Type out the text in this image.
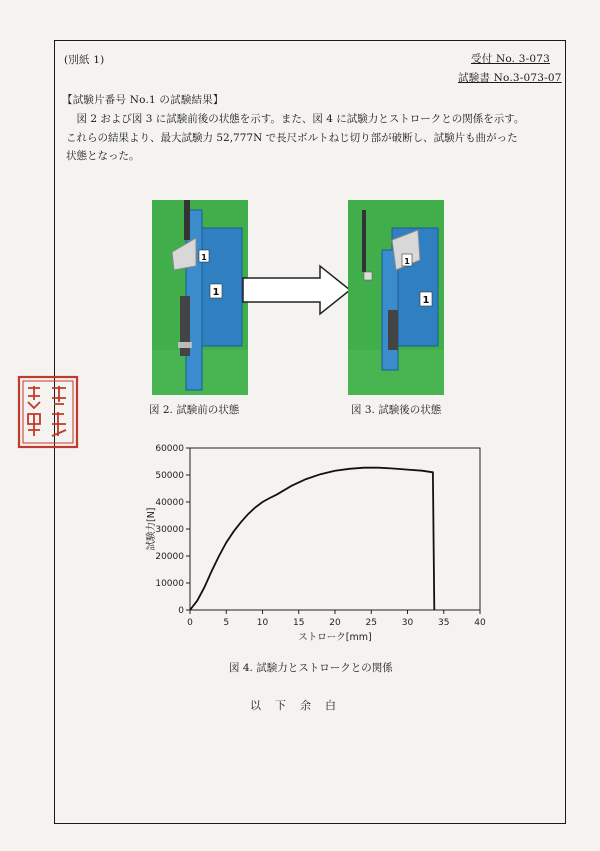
(別紙 1)	受付 No. 3-073
試験書 No.3-073-07
【試験片番号 No.1 の試験結果】
　図 2 および図 3 に試験前後の状態を示す。また、図 4 に試験力とストロークとの関係を示す。
これらの結果より、最大試験力 52,777N で長尺ボルトねじ切り部が破断し、試験片も曲がった
状態となった。
1
1	1
1
図 2. 試験前の状態	図 3. 試験後の状態
0	5	10	15	20	25	30	35	40
0
10000
20000
30000
40000
50000
60000
ストローク[mm]
試験力[N]
図 4. 試験力とストロークとの関係
以下余白
